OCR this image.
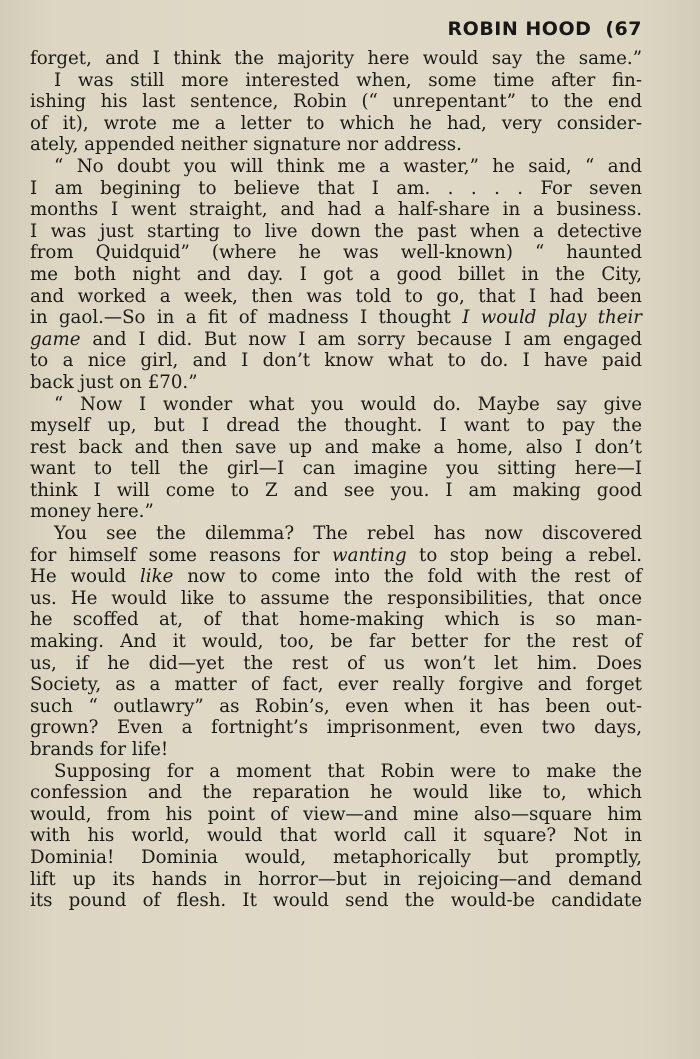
ROBIN HOOD (67
forget, and I think the majority here would say the same.”
I was still more interested when, some time after fin-
ishing his last sentence, Robin (“ unrepentant” to the end
of it), wrote me a letter to which he had, very consider-
ately, appended neither signature nor address.
“ No doubt you will think me a waster,” he said, “ and
I am begining to believe that I am. . . . . For seven
months I went straight, and had a half-share in a business.
I was just starting to live down the past when a detective
from Quidquid” (where he was well-known) “ haunted
me both night and day. I got a good billet in the City,
and worked a week, then was told to go, that I had been
in gaol.—So in a fit of madness I thought I would play their
game and I did. But now I am sorry because I am engaged
to a nice girl, and I don’t know what to do. I have paid
back just on £70.”
“ Now I wonder what you would do. Maybe say give
myself up, but I dread the thought. I want to pay the
rest back and then save up and make a home, also I don’t
want to tell the girl—I can imagine you sitting here—I
think I will come to Z and see you. I am making good
money here.”
You see the dilemma? The rebel has now discovered
for himself some reasons for wanting to stop being a rebel.
He would like now to come into the fold with the rest of
us. He would like to assume the responsibilities, that once
he scoffed at, of that home-making which is so man-
making. And it would, too, be far better for the rest of
us, if he did—yet the rest of us won’t let him. Does
Society, as a matter of fact, ever really forgive and forget
such “ outlawry” as Robin’s, even when it has been out-
grown? Even a fortnight’s imprisonment, even two days,
brands for life!
Supposing for a moment that Robin were to make the
confession and the reparation he would like to, which
would, from his point of view—and mine also—square him
with his world, would that world call it square? Not in
Dominia! Dominia would, metaphorically but promptly,
lift up its hands in horror—but in rejoicing—and demand
its pound of flesh. It would send the would-be candidate
